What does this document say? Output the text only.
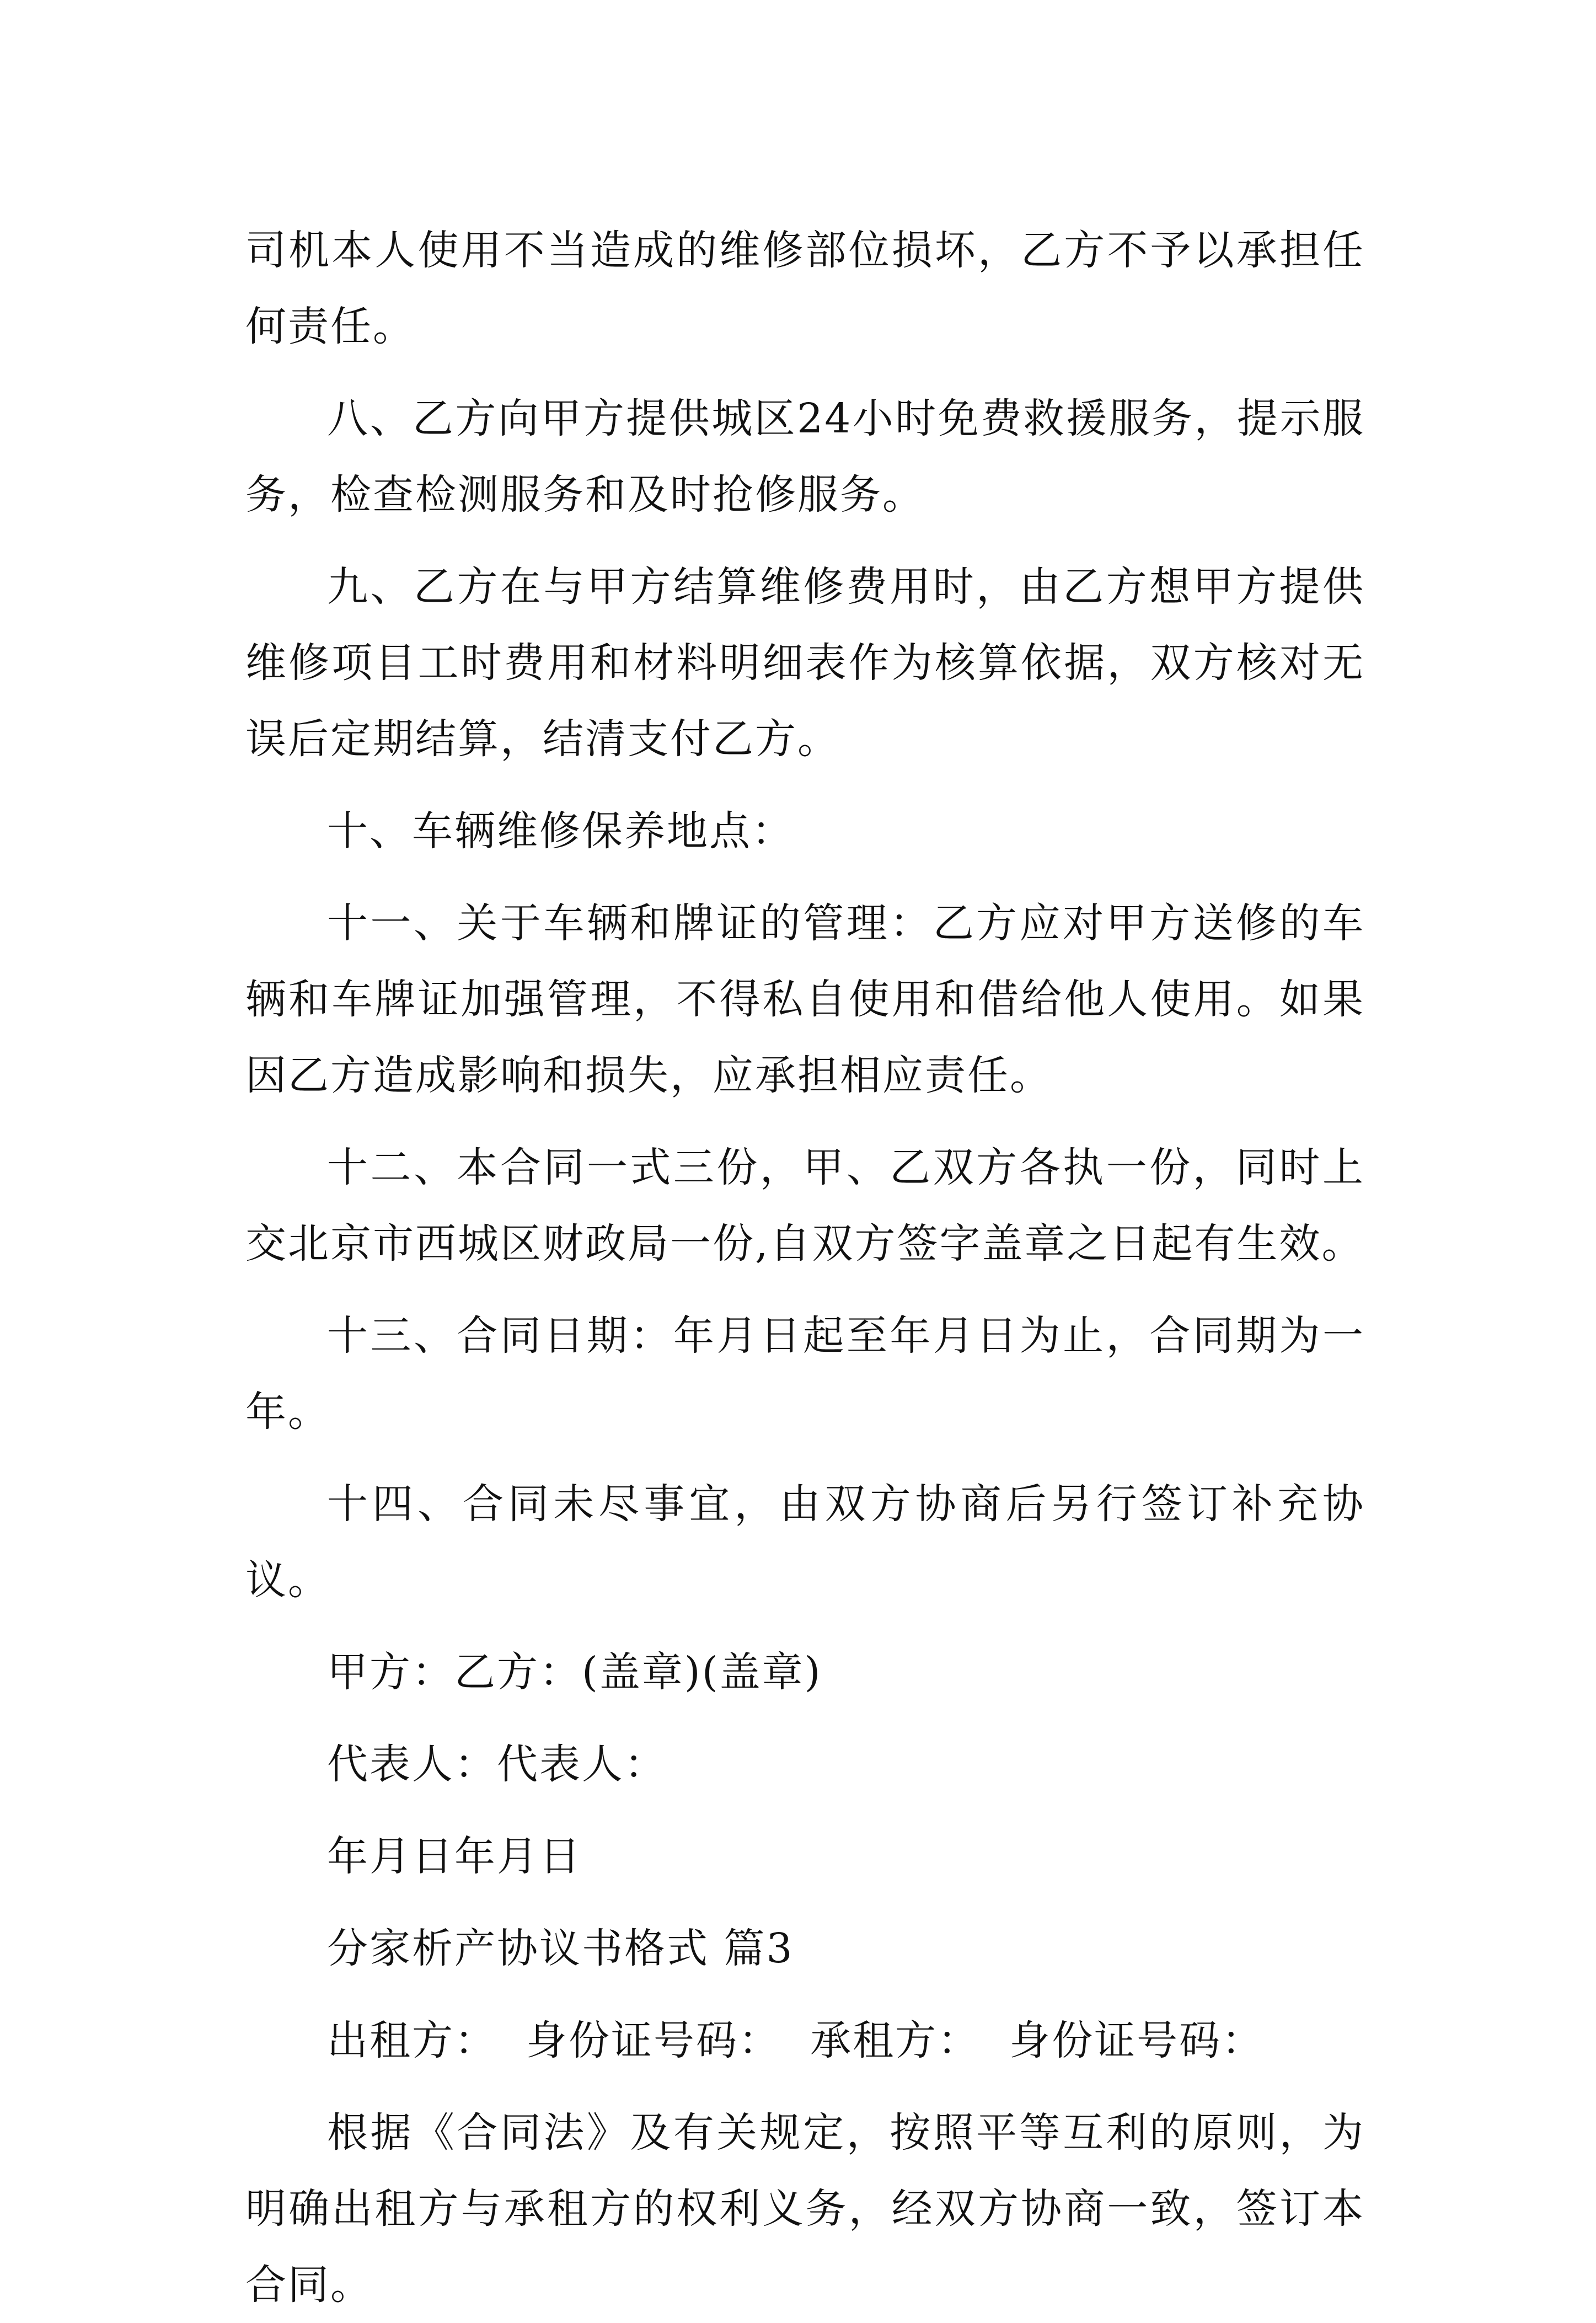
司机本人使用不当造成的维修部位损坏，乙方不予以承担任何责任。

八、乙方向甲方提供城区24小时免费救援服务，提示服务，检查检测服务和及时抢修服务。

九、乙方在与甲方结算维修费用时，由乙方想甲方提供维修项目工时费用和材料明细表作为核算依据，双方核对无误后定期结算，结清支付乙方。

十、车辆维修保养地点：

十一、关于车辆和牌证的管理：乙方应对甲方送修的车辆和车牌证加强管理，不得私自使用和借给他人使用。如果因乙方造成影响和损失，应承担相应责任。

十二、本合同一式三份，甲、乙双方各执一份，同时上交北京市西城区财政局一份,自双方签字盖章之日起有生效。

十三、合同日期：年月日起至年月日为止，合同期为一年。

十四、合同未尽事宜，由双方协商后另行签订补充协议。

甲方：乙方：(盖章)(盖章)

代表人：代表人：

年月日年月日

分家析产协议书格式 篇3

出租方：  身份证号码：  承租方：  身份证号码：

根据《合同法》及有关规定，按照平等互利的原则，为明确出租方与承租方的权利义务，经双方协商一致，签订本合同。
